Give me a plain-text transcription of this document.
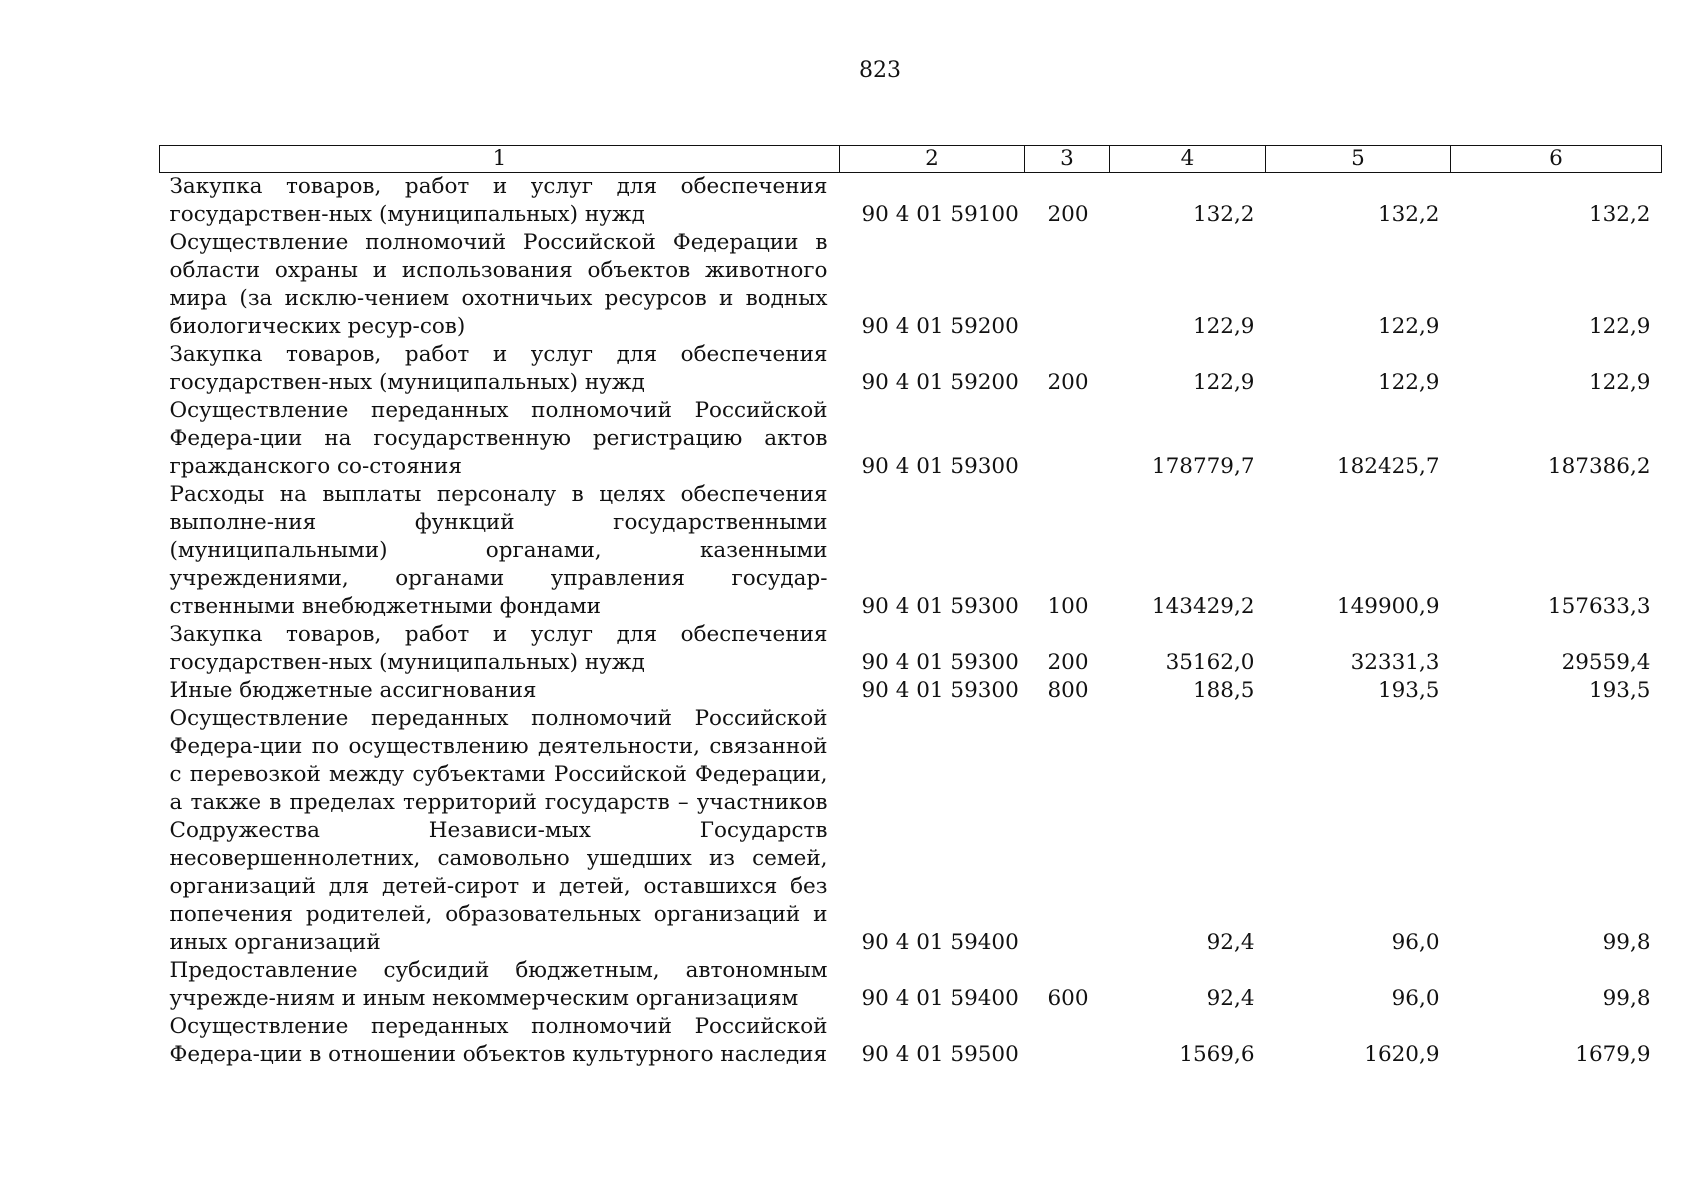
823
1	2	3	4	5	6
Закупка товаров, работ и услуг для обеспечения государствен-ных (муниципальных) нужд	90 4 01 59100	200	132,2	132,2	132,2
Осуществление полномочий Российской Федерации в области охраны и использования объектов животного мира (за исклю-чением охотничьих ресурсов и водных биологических ресур-сов)	90 4 01 59200		122,9	122,9	122,9
Закупка товаров, работ и услуг для обеспечения государствен-ных (муниципальных) нужд	90 4 01 59200	200	122,9	122,9	122,9
Осуществление переданных полномочий Российской Федера-ции на государственную регистрацию актов гражданского со-стояния	90 4 01 59300		178779,7	182425,7	187386,2
Расходы на выплаты персоналу в целях обеспечения выполне-ния функций государственными (муниципальными) органами, казенными учреждениями, органами управления государ-ственными внебюджетными фондами	90 4 01 59300	100	143429,2	149900,9	157633,3
Закупка товаров, работ и услуг для обеспечения государствен-ных (муниципальных) нужд	90 4 01 59300	200	35162,0	32331,3	29559,4
Иные бюджетные ассигнования	90 4 01 59300	800	188,5	193,5	193,5
Осуществление переданных полномочий Российской Федера-ции по осуществлению деятельности, связанной с перевозкой между субъектами Российской Федерации, а также в пределах территорий государств – участников Содружества Независи-мых Государств несовершеннолетних, самовольно ушедших из семей, организаций для детей-сирот и детей, оставшихся без попечения родителей, образовательных организаций и иных организаций	90 4 01 59400		92,4	96,0	99,8
Предоставление субсидий бюджетным, автономным учрежде-ниям и иным некоммерческим организациям	90 4 01 59400	600	92,4	96,0	99,8
Осуществление переданных полномочий Российской Федера-ции в отношении объектов культурного наследия	90 4 01 59500		1569,6	1620,9	1679,9
